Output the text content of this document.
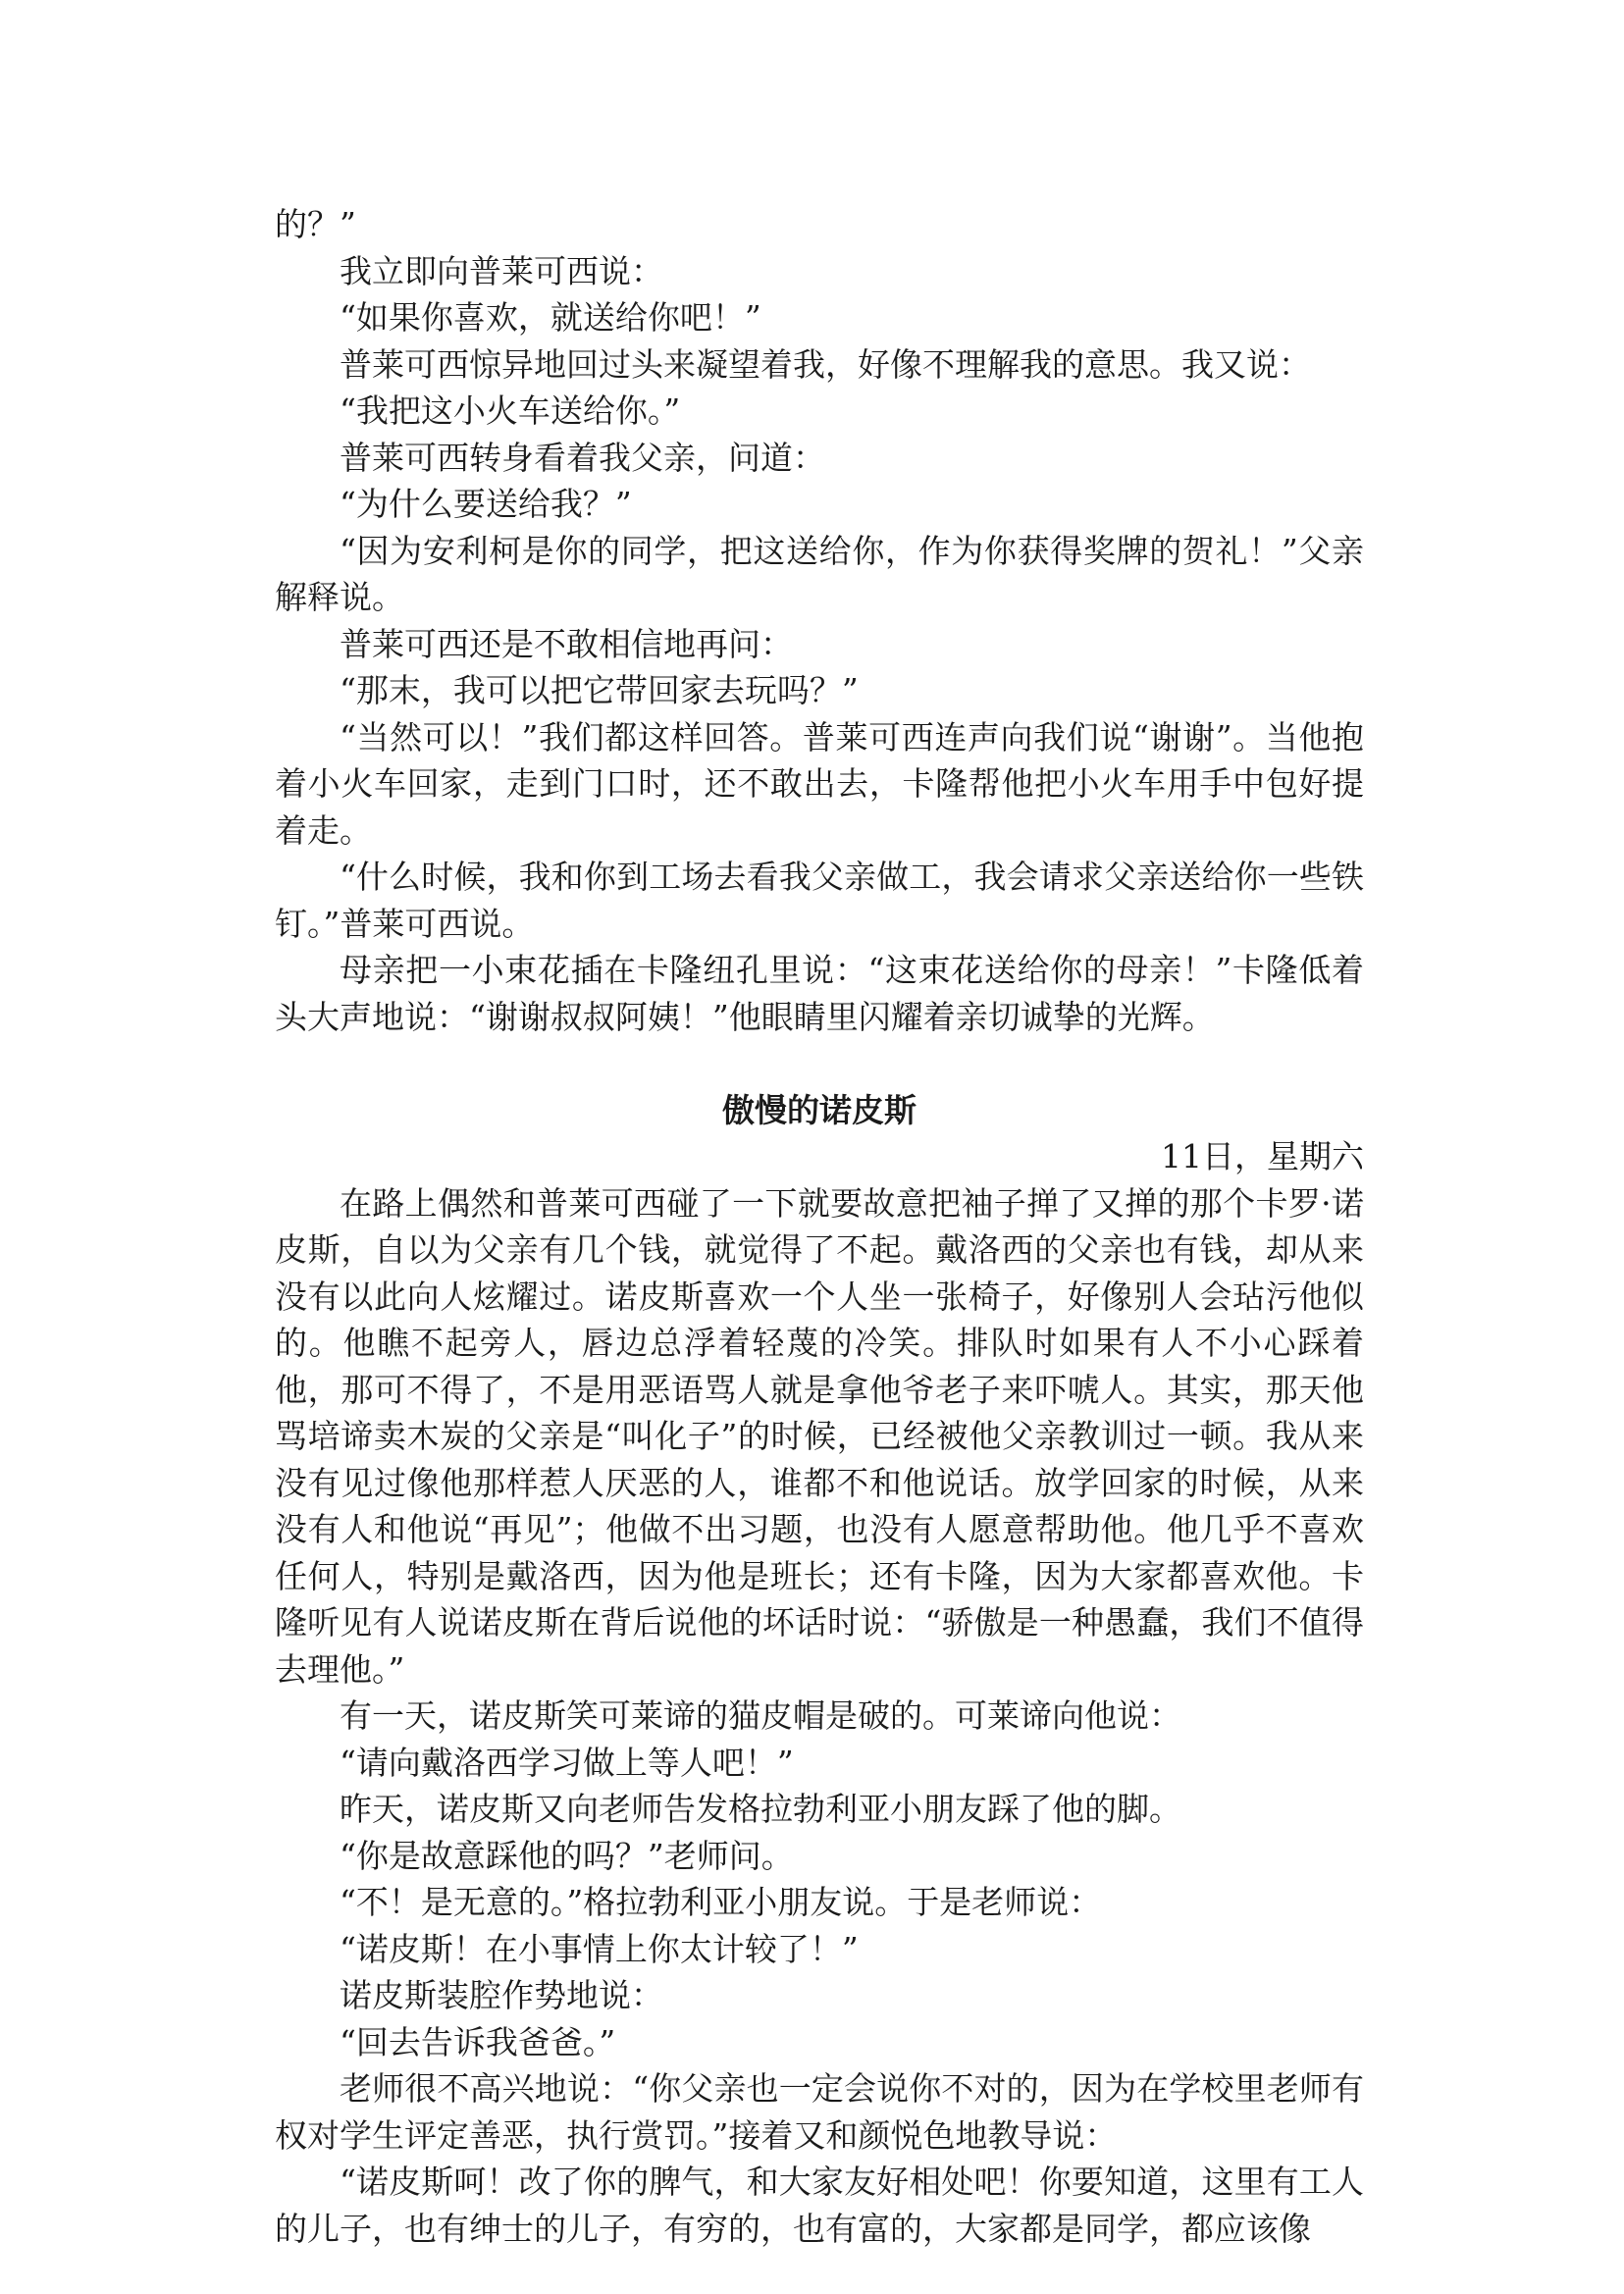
的？”

我立即向普莱可西说：

“如果你喜欢，就送给你吧！”

普莱可西惊异地回过头来凝望着我，好像不理解我的意思。我又说：

“我把这小火车送给你。”

普莱可西转身看着我父亲，问道：

“为什么要送给我？”

“因为安利柯是你的同学，把这送给你，作为你获得奖牌的贺礼！”父亲解释说。

普莱可西还是不敢相信地再问：

“那末，我可以把它带回家去玩吗？”

“当然可以！”我们都这样回答。普莱可西连声向我们说“谢谢”。当他抱着小火车回家，走到门口时，还不敢出去，卡隆帮他把小火车用手中包好提着走。

“什么时候，我和你到工场去看我父亲做工，我会请求父亲送给你一些铁钉。”普莱可西说。

母亲把一小束花插在卡隆纽孔里说：“这束花送给你的母亲！”卡隆低着头大声地说：“谢谢叔叔阿姨！”他眼睛里闪耀着亲切诚挚的光辉。

傲慢的诺皮斯

11日，星期六

在路上偶然和普莱可西碰了一下就要故意把袖子掸了又掸的那个卡罗·诺皮斯，自以为父亲有几个钱，就觉得了不起。戴洛西的父亲也有钱，却从来没有以此向人炫耀过。诺皮斯喜欢一个人坐一张椅子，好像别人会玷污他似的。他瞧不起旁人，唇边总浮着轻蔑的冷笑。排队时如果有人不小心踩着他，那可不得了，不是用恶语骂人就是拿他爷老子来吓唬人。其实，那天他骂培谛卖木炭的父亲是“叫化子”的时候，已经被他父亲教训过一顿。我从来没有见过像他那样惹人厌恶的人，谁都不和他说话。放学回家的时候，从来没有人和他说“再见”；他做不出习题，也没有人愿意帮助他。他几乎不喜欢任何人，特别是戴洛西，因为他是班长；还有卡隆，因为大家都喜欢他。卡隆听见有人说诺皮斯在背后说他的坏话时说：“骄傲是一种愚蠢，我们不值得去理他。”

有一天，诺皮斯笑可莱谛的猫皮帽是破的。可莱谛向他说：

“请向戴洛西学习做上等人吧！”

昨天，诺皮斯又向老师告发格拉勃利亚小朋友踩了他的脚。

“你是故意踩他的吗？”老师问。

“不！是无意的。”格拉勃利亚小朋友说。于是老师说：

“诺皮斯！在小事情上你太计较了！”

诺皮斯装腔作势地说：

“回去告诉我爸爸。”

老师很不高兴地说：“你父亲也一定会说你不对的，因为在学校里老师有权对学生评定善恶，执行赏罚。”接着又和颜悦色地教导说：

“诺皮斯呵！改了你的脾气，和大家友好相处吧！你要知道，这里有工人的儿子，也有绅士的儿子，有穷的，也有富的，大家都是同学，都应该像
